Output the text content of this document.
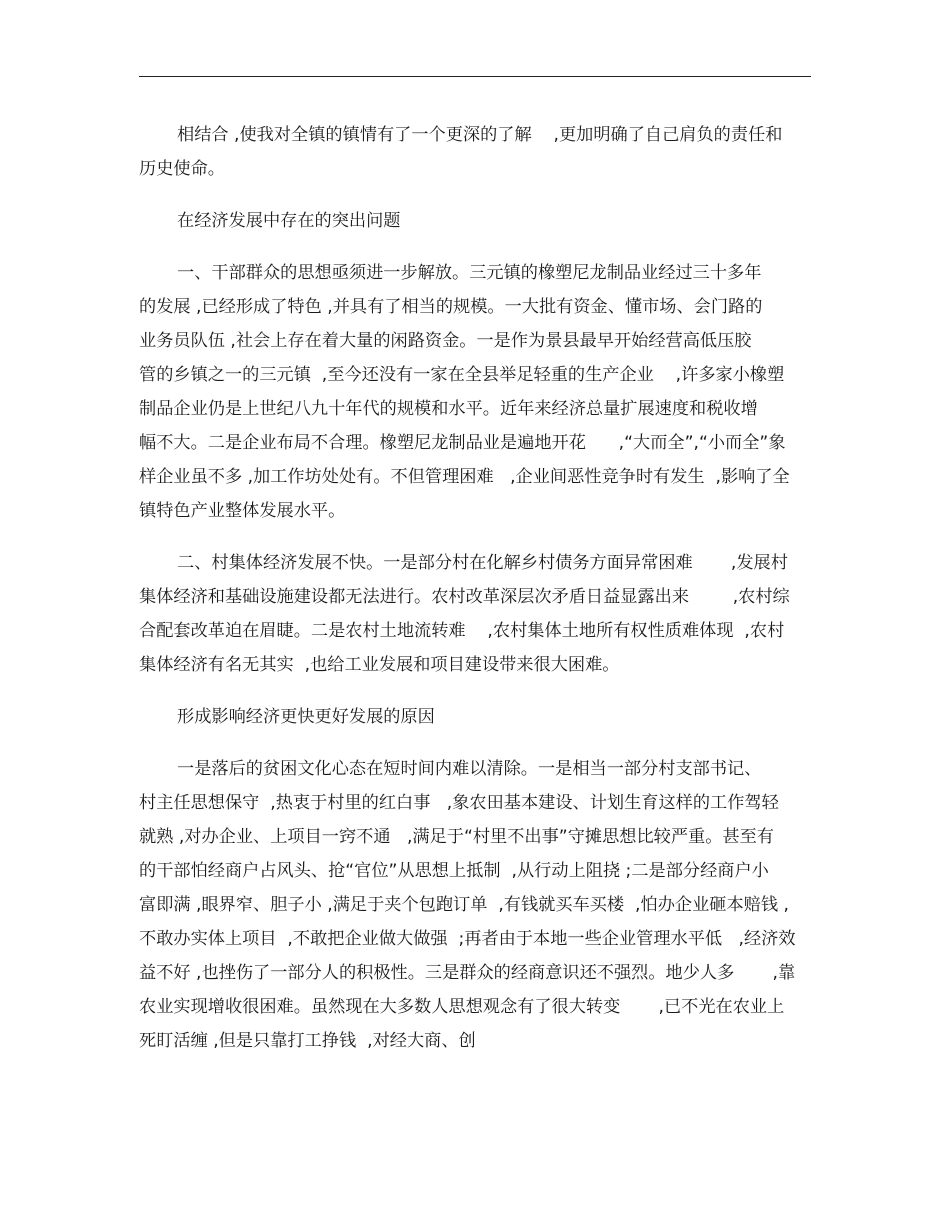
相结合 ,使我对全镇的镇情有了一个更深的了解    ,更加明确了自己肩负的责任和
历史使命。
在经济发展中存在的突出问题
一、干部群众的思想亟须进一步解放。三元镇的橡塑尼龙制品业经过三十多年
的发展 ,已经形成了特色 ,并具有了相当的规模。一大批有资金、懂市场、会门路的
业务员队伍 ,社会上存在着大量的闲路资金。一是作为景县最早开始经营高低压胶
管的乡镇之一的三元镇  ,至今还没有一家在全县举足轻重的生产企业    ,许多家小橡塑
制品企业仍是上世纪八九十年代的规模和水平。近年来经济总量扩展速度和税收增
幅不大。二是企业布局不合理。橡塑尼龙制品业是遍地开花      ,“大而全”,“小而全”象
样企业虽不多 ,加工作坊处处有。不但管理困难   ,企业间恶性竞争时有发生  ,影响了全
镇特色产业整体发展水平。
二、村集体经济发展不快。一是部分村在化解乡村债务方面异常困难       ,发展村
集体经济和基础设施建设都无法进行。农村改革深层次矛盾日益显露出来        ,农村综
合配套改革迫在眉睫。二是农村土地流转难    ,农村集体土地所有权性质难体现  ,农村
集体经济有名无其实  ,也给工业发展和项目建设带来很大困难。
形成影响经济更快更好发展的原因
一是落后的贫困文化心态在短时间内难以清除。一是相当一部分村支部书记、
村主任思想保守  ,热衷于村里的红白事   ,象农田基本建设、计划生育这样的工作驾轻
就熟 ,对办企业、上项目一窍不通   ,满足于“村里不出事”守摊思想比较严重。甚至有
的干部怕经商户占风头、抢“官位”从思想上抵制  ,从行动上阻挠 ;二是部分经商户小
富即满 ,眼界窄、胆子小 ,满足于夹个包跑订单  ,有钱就买车买楼  ,怕办企业砸本赔钱 ,
不敢办实体上项目  ,不敢把企业做大做强  ;再者由于本地一些企业管理水平低   ,经济效
益不好 ,也挫伤了一部分人的积极性。三是群众的经商意识还不强烈。地少人多       ,靠
农业实现增收很困难。虽然现在大多数人思想观念有了很大转变       ,已不光在农业上
死盯活缠 ,但是只靠打工挣钱  ,对经大商、创
